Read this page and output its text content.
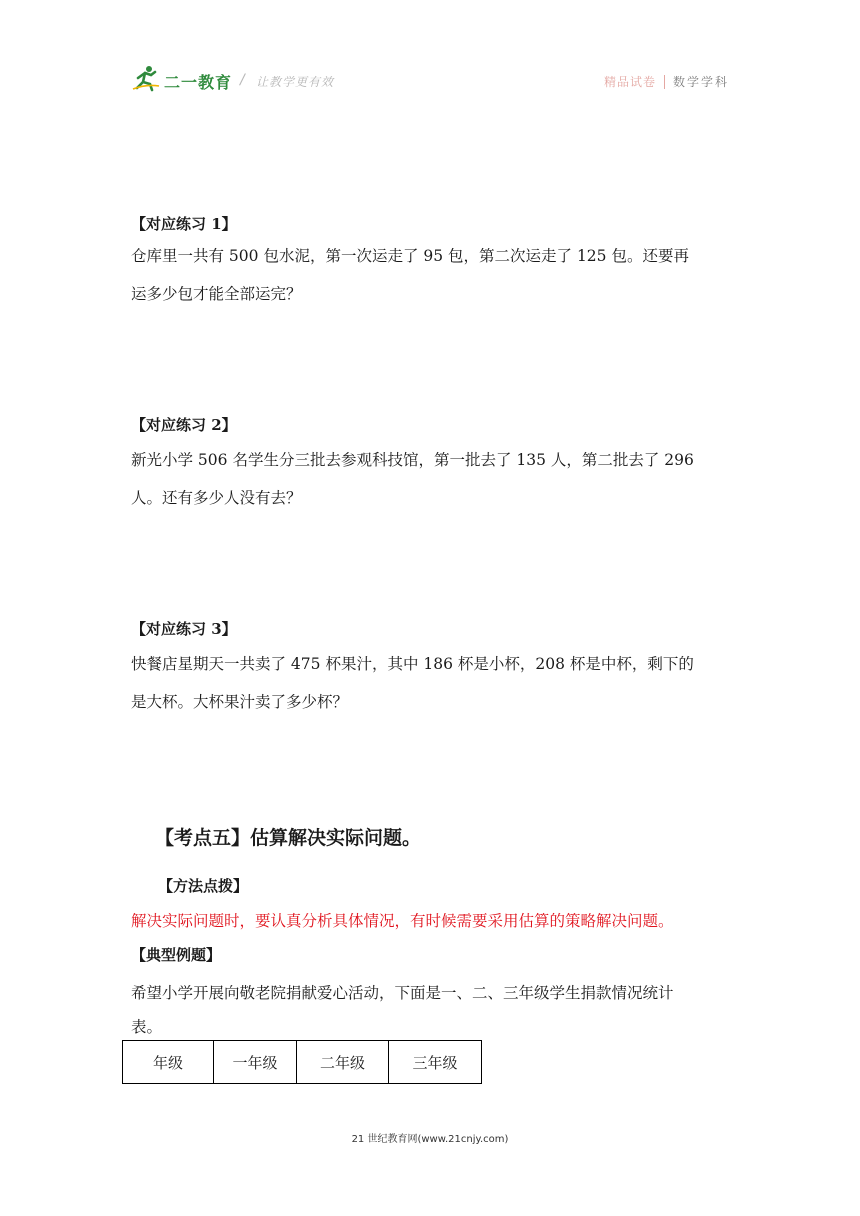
二一教育 / 让教学更有效	精品试卷 数学学科
【对应练习 1】
仓库里一共有 500 包水泥，第一次运走了 95 包，第二次运走了 125 包。还要再
运多少包才能全部运完？
【对应练习 2】
新光小学 506 名学生分三批去参观科技馆，第一批去了 135 人，第二批去了 296
人。还有多少人没有去？
【对应练习 3】
快餐店星期天一共卖了 475 杯果汁，其中 186 杯是小杯，208 杯是中杯，剩下的
是大杯。大杯果汁卖了多少杯？
【考点五】估算解决实际问题。
【方法点拨】
解决实际问题时，要认真分析具体情况，有时候需要采用估算的策略解决问题。
【典型例题】
希望小学开展向敬老院捐献爱心活动，下面是一、二、三年级学生捐款情况统计
表。
年级	一年级	二年级	三年级
21 世纪教育网(www.21cnjy.com)
